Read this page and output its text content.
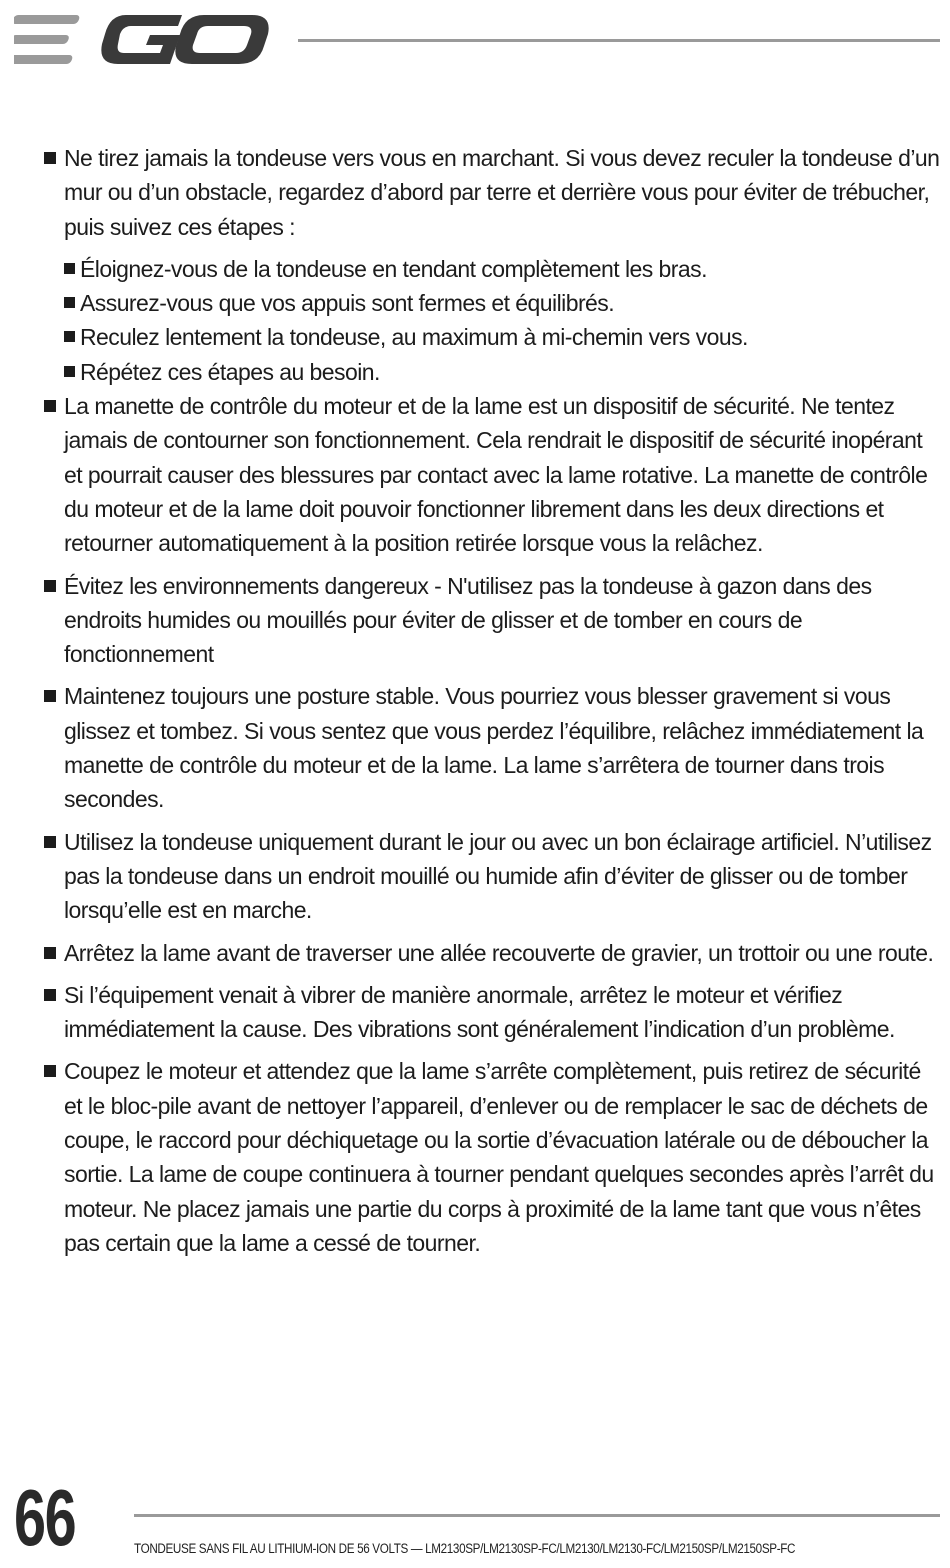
Ne tirez jamais la tondeuse vers vous en marchant. Si vous devez reculer la tondeuse d’un mur ou d’un obstacle, regardez d’abord par terre et derrière vous pour éviter de trébucher, puis suivez ces étapes :
Éloignez-vous de la tondeuse en tendant complètement les bras.
Assurez-vous que vos appuis sont fermes et équilibrés.
Reculez lentement la tondeuse, au maximum à mi-chemin vers vous.
Répétez ces étapes au besoin.
La manette de contrôle du moteur et de la lame est un dispositif de sécurité. Ne tentez jamais de contourner son fonctionnement. Cela rendrait le dispositif de sécurité inopérant et pourrait causer des blessures par contact avec la lame rotative. La manette de contrôle du moteur et de la lame doit pouvoir fonctionner librement dans les deux directions et retourner automatiquement à la position retirée lorsque vous la relâchez.
Évitez les environnements dangereux - N'utilisez pas la tondeuse à gazon dans des endroits humides ou mouillés pour éviter de glisser et de tomber en cours de fonctionnement
Maintenez toujours une posture stable. Vous pourriez vous blesser gravement si vous glissez et tombez. Si vous sentez que vous perdez l’équilibre, relâchez immédiatement la manette de contrôle du moteur et de la lame. La lame s’arrêtera de tourner dans trois secondes.
Utilisez la tondeuse uniquement durant le jour ou avec un bon éclairage artificiel. N’utilisez pas la tondeuse dans un endroit mouillé ou humide afin d’éviter de glisser ou de tomber lorsqu’elle est en marche.
Arrêtez la lame avant de traverser une allée recouverte de gravier, un trottoir ou une route.
Si l’équipement venait à vibrer de manière anormale, arrêtez le moteur et vérifiez immédiatement la cause. Des vibrations sont généralement l’indication d’un problème.
Coupez le moteur et attendez que la lame s’arrête complètement, puis retirez de sécurité et le bloc-pile avant de nettoyer l’appareil, d’enlever ou de remplacer le sac de déchets de coupe, le raccord pour déchiquetage ou la sortie d’évacuation latérale ou de déboucher la sortie. La lame de coupe continuera à tourner pendant quelques secondes après l’arrêt du moteur. Ne placez jamais une partie du corps à proximité de la lame tant que vous n’êtes pas certain que la lame a cessé de tourner.
66	TONDEUSE SANS FIL AU LITHIUM-ION DE 56 VOLTS — LM2130SP/LM2130SP-FC/LM2130/LM2130-FC/LM2150SP/LM2150SP-FC
